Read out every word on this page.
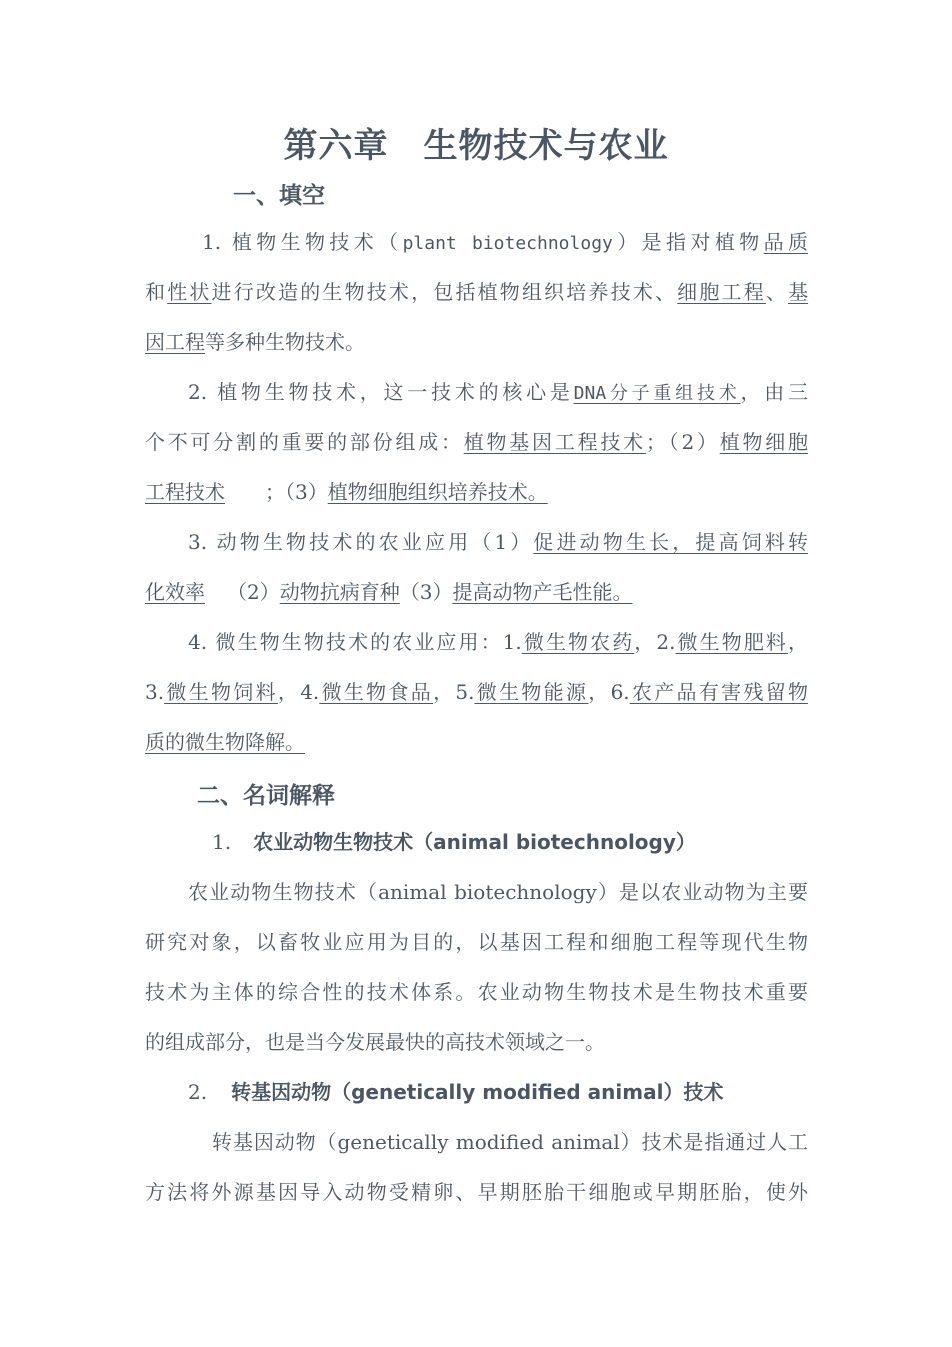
第六章　生物技术与农业
一、填空
1. 植物生物技术（plant biotechnology）是指对植物品质
和性状进行改造的生物技术，包括植物组织培养技术、细胞工程、基
因工程等多种生物技术。
2. 植物生物技术，这一技术的核心是DNA分子重组技术，由三
个不可分割的重要的部份组成：植物基因工程技术；（2）植物细胞
工程技术 ；（3）植物细胞组织培养技术。
3. 动物生物技术的农业应用（1）促进动物生长，提高饲料转
化效率 （2）动物抗病育种（3）提高动物产毛性能。
4. 微生物生物技术的农业应用：1.微生物农药，2.微生物肥料，
3.微生物饲料，4.微生物食品，5.微生物能源，6.农产品有害残留物
质的微生物降解。
二、名词解释
1. 农业动物生物技术（animal biotechnology）
农业动物生物技术（animal biotechnology）是以农业动物为主要
研究对象，以畜牧业应用为目的，以基因工程和细胞工程等现代生物
技术为主体的综合性的技术体系。农业动物生物技术是生物技术重要
的组成部分，也是当今发展最快的高技术领域之一。
2. 转基因动物（genetically modified animal）技术
转基因动物（genetically modified animal）技术是指通过人工
方法将外源基因导入动物受精卵、早期胚胎干细胞或早期胚胎，使外
